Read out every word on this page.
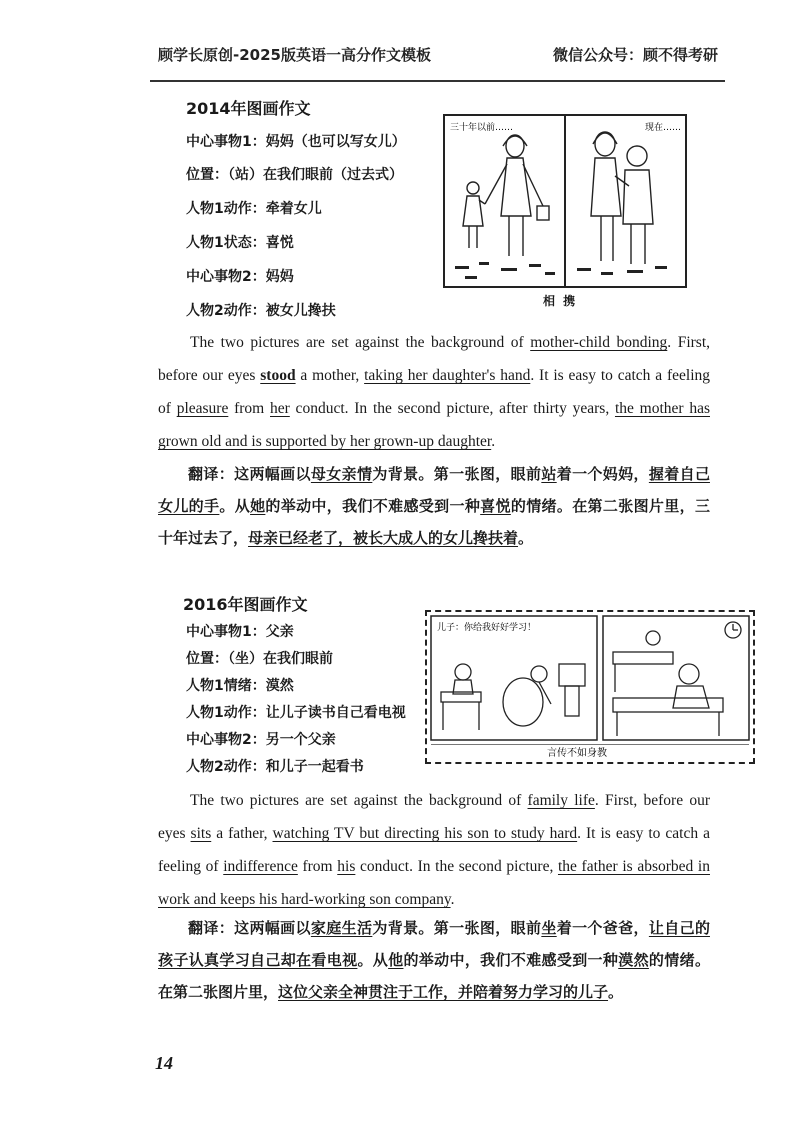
顾学长原创-2025版英语一高分作文模板	微信公众号：顾不得考研
2014年图画作文
中心事物1：妈妈（也可以写女儿）
位置：（站）在我们眼前（过去式）
人物1动作：牵着女儿
人物1状态：喜悦
中心事物2：妈妈
人物2动作：被女儿搀扶
三十年以前……	现在……
相 携
The two pictures are set against the background of mother-child bonding. First, before our eyes stood a mother, taking her daughter's hand. It is easy to catch a feeling of pleasure from her conduct. In the second picture, after thirty years, the mother has grown old and is supported by her grown-up daughter.
翻译：这两幅画以母女亲情为背景。第一张图，眼前站着一个妈妈，握着自己女儿的手。从她的举动中，我们不难感受到一种喜悦的情绪。在第二张图片里，三十年过去了，母亲已经老了，被长大成人的女儿搀扶着。
2016年图画作文
中心事物1：父亲
位置：（坐）在我们眼前
人物1情绪：漠然
人物1动作：让儿子读书自己看电视
中心事物2：另一个父亲
人物2动作：和儿子一起看书
儿子：你给我好好学习！
言传不如身教
The two pictures are set against the background of family life. First, before our eyes sits a father, watching TV but directing his son to study hard. It is easy to catch a feeling of indifference from his conduct. In the second picture, the father is absorbed in work and keeps his hard-working son company.
翻译：这两幅画以家庭生活为背景。第一张图，眼前坐着一个爸爸，让自己的孩子认真学习自己却在看电视。从他的举动中，我们不难感受到一种漠然的情绪。在第二张图片里，这位父亲全神贯注于工作，并陪着努力学习的儿子。
14
